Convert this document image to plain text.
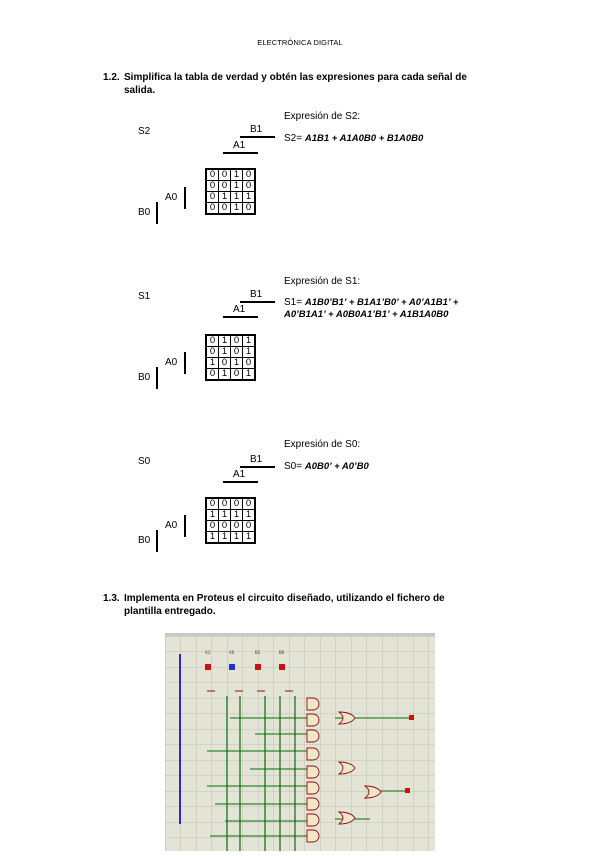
ELECTRÓNICA DIGITAL
1.2. Simplifica la tabla de verdad y obtén las expresiones para cada señal de
salida.
S2
Expresión de S2:
B1
A1
S2= A1B1 + A1A0B0 + B1A0B0
A0
B0
0	0	1	0
0	0	1	0
0	1	1	1
0	0	1	0
S1
Expresión de S1:
B1
A1
S1= A1B0’B1’ + B1A1’B0’ + A0’A1B1’ +
A0’B1A1’ + A0B0A1’B1’ + A1B1A0B0
A0
B0
0	1	0	1
0	1	0	1
1	0	1	0
0	1	0	1
S0
Expresión de S0:
B1
A1
S0= A0B0’ + A0’B0
A0
B0
0	0	0	0
1	1	1	1
0	0	0	0
1	1	1	1
1.3. Implementa en Proteus el circuito diseñado, utilizando el fichero de
plantilla entregado.
A1	A0	B1	B0
